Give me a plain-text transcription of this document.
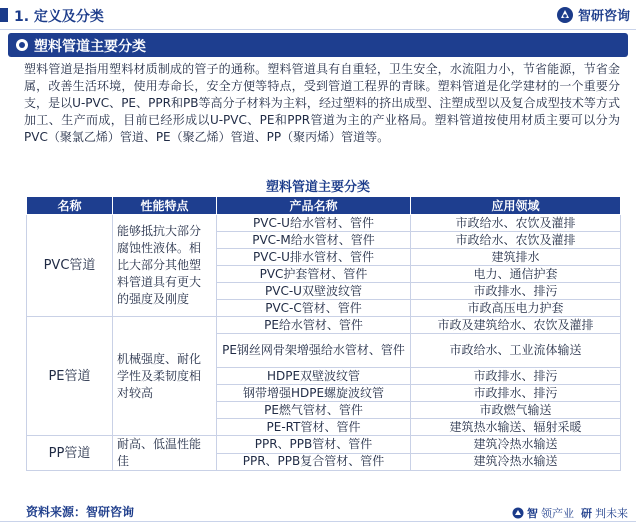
1. 定义及分类	智研咨询
塑料管道主要分类

塑料管道是指用塑料材质制成的管子的通称。塑料管道具有自重轻，卫生安全，水流阻力小，节省能源，节省金属，改善生活环境，使用寿命长，安全方便等特点，受到管道工程界的青睐。塑料管道是化学建材的一个重要分支，是以U-PVC、PE、PPR和PB等高分子材料为主料，经过塑料的挤出成型、注塑成型以及复合成型技术等方式加工、生产而成，目前已经形成以U-PVC、PE和PPR管道为主的产业格局。塑料管道按使用材质主要可以分为PVC（聚氯乙烯）管道、PE（聚乙烯）管道、PP（聚丙烯）管道等。

塑料管道主要分类
名称	性能特点	产品名称	应用领域
PVC管道	能够抵抗大部分腐蚀性液体。相比大部分其他塑料管道具有更大的强度及刚度	PVC-U给水管材、管件	市政给水、农饮及灌排
		PVC-M给水管材、管件	市政给水、农饮及灌排
		PVC-U排水管材、管件	建筑排水
		PVC护套管材、管件	电力、通信护套
		PVC-U双壁波纹管	市政排水、排污
		PVC-C管材、管件	市政高压电力护套
PE管道	机械强度、耐化学性及柔韧度相对较高	PE给水管材、管件	市政及建筑给水、农饮及灌排
		PE钢丝网骨架增强给水管材、管件	市政给水、工业流体输送
		HDPE双壁波纹管	市政排水、排污
		钢带增强HDPE螺旋波纹管	市政排水、排污
		PE燃气管材、管件	市政燃气输送
		PE-RT管材、管件	建筑热水输送、辐射采暖
PP管道	耐高、低温性能佳	PPR、PPB管材、管件	建筑冷热水输送
		PPR、PPB复合管材、管件	建筑冷热水输送
资料来源：智研咨询	智 领产业 研 判未来
